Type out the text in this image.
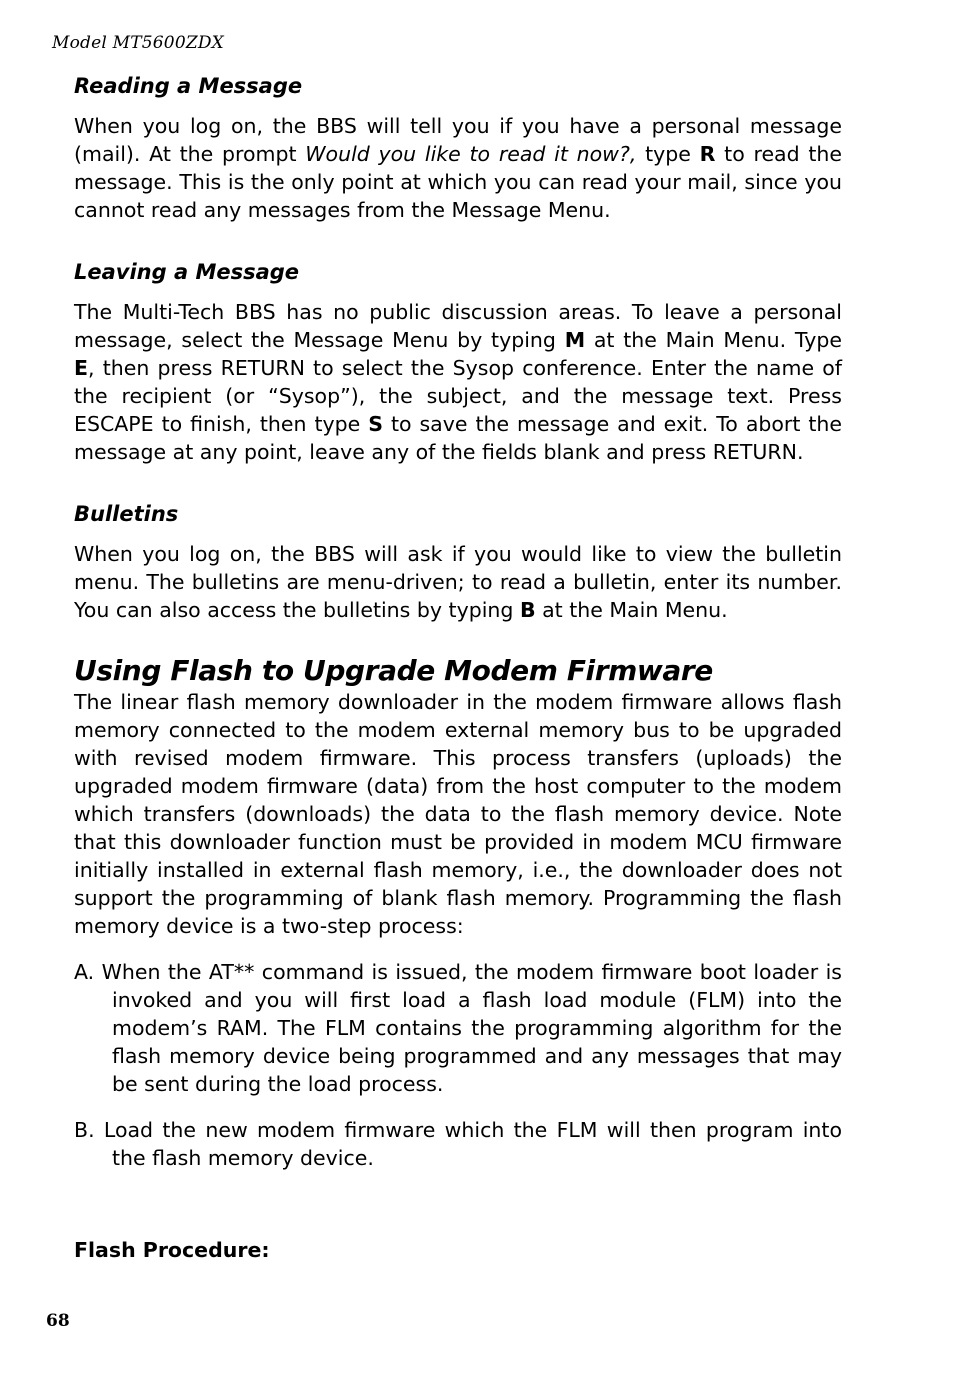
Model MT5600ZDX
Reading a Message

When you log on, the BBS will tell you if you have a personal message (mail). At the prompt Would you like to read it now?, type R to read the message. This is the only point at which you can read your mail, since you cannot read any messages from the Message Menu.

Leaving a Message

The Multi-Tech BBS has no public discussion areas. To leave a personal message, select the Message Menu by typing M at the Main Menu. Type E, then press RETURN to select the Sysop conference. Enter the name of the recipient (or “Sysop”), the subject, and the message text. Press ESCAPE to finish, then type S to save the message and exit. To abort the message at any point, leave any of the fields blank and press RETURN.

Bulletins

When you log on, the BBS will ask if you would like to view the bulletin menu. The bulletins are menu-driven; to read a bulletin, enter its number. You can also access the bulletins by typing B at the Main Menu.

Using Flash to Upgrade Modem Firmware

The linear flash memory downloader in the modem firmware allows flash memory connected to the modem external memory bus to be upgraded with revised modem firmware. This process transfers (uploads) the upgraded modem firmware (data) from the host computer to the modem which transfers (downloads) the data to the flash memory device. Note that this downloader function must be provided in modem MCU firmware initially installed in external flash memory, i.e., the downloader does not support the programming of blank flash memory. Programming the flash memory device is a two-step process:

A. When the AT** command is issued, the modem firmware boot loader is invoked and you will first load a flash load module (FLM) into the modem’s RAM. The FLM contains the programming algorithm for the flash memory device being programmed and any messages that may be sent during the load process.

B. Load the new modem firmware which the FLM will then program into the flash memory device.

Flash Procedure:

68
